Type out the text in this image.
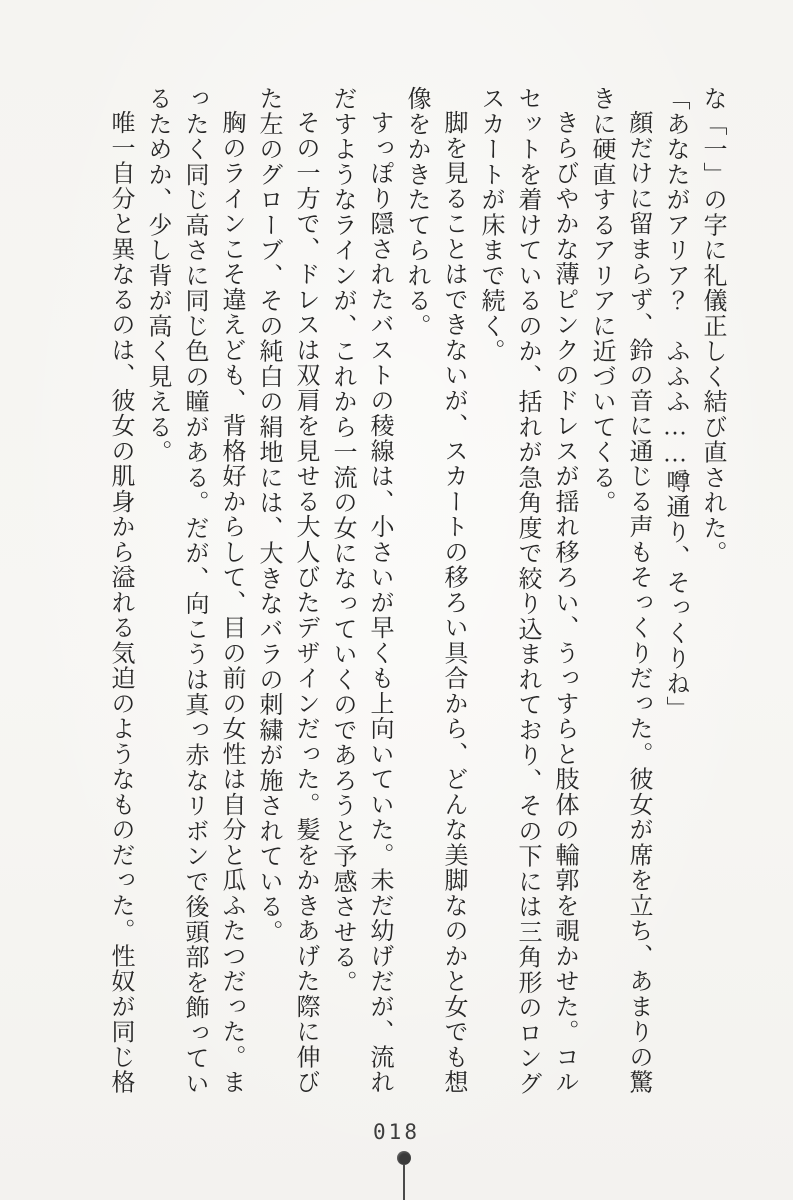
な「一」の字に礼儀正しく結び直された。

「あなたがアリア？　ふふふ……噂通り、そっくりね」

顔だけに留まらず、鈴の音に通じる声もそっくりだった。彼女が席を立ち、あまりの驚きに硬直するアリアに近づいてくる。

きらびやかな薄ピンクのドレスが揺れ移ろい、うっすらと肢体の輪郭を覗かせた。コルセットを着けているのか、括れが急角度で絞り込まれており、その下には三角形のロングスカートが床まで続く。

脚を見ることはできないが、スカートの移ろい具合から、どんな美脚なのかと女でも想像をかきたてられる。

すっぽり隠されたバストの稜線は、小さいが早くも上向いていた。未だ幼げだが、流れだすようなラインが、これから一流の女になっていくのであろうと予感させる。

その一方で、ドレスは双肩を見せる大人びたデザインだった。髪をかきあげた際に伸びた左のグローブ、その純白の絹地には、大きなバラの刺繍が施されている。

胸のラインこそ違えども、背格好からして、目の前の女性は自分と瓜ふたつだった。まったく同じ高さに同じ色の瞳がある。だが、向こうは真っ赤なリボンで後頭部を飾っているためか、少し背が高く見える。

唯一自分と異なるのは、彼女の肌身から溢れる気迫のようなものだった。性奴が同じ格

018
